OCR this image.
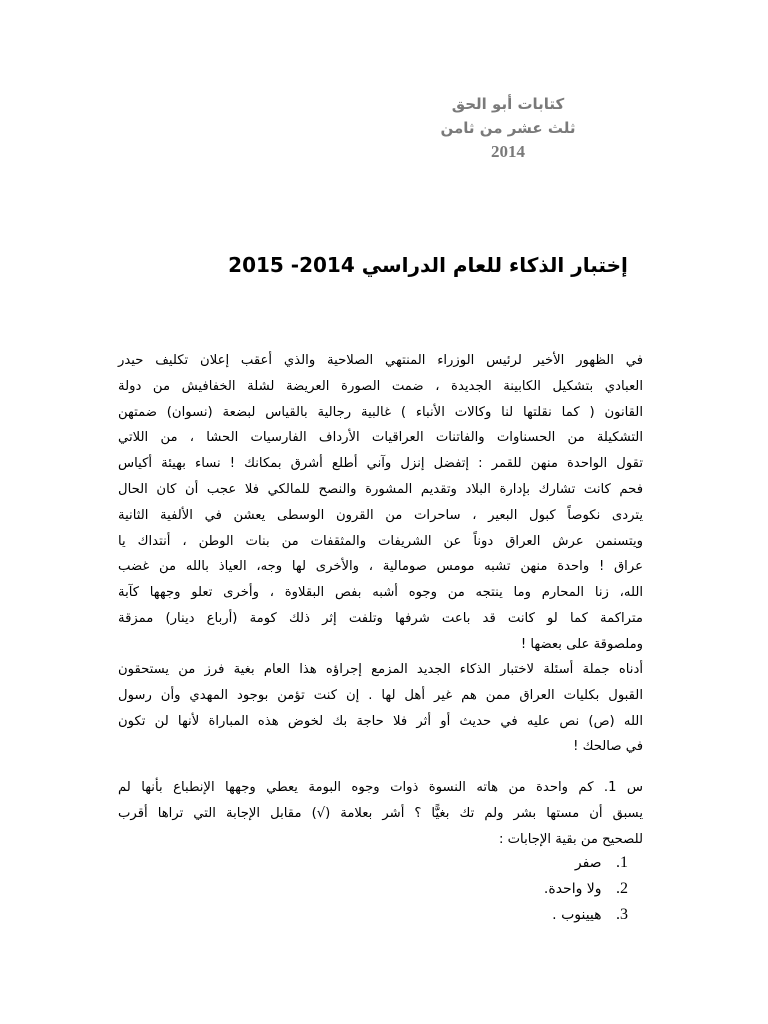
كتابات أبو الحق
ثلث عشر من ثامن
2014
إختبار الذكاء للعام الدراسي 2014- 2015
في الظهور الأخير لرئيس الوزراء المنتهي الصلاحية والذي أعقب إعلان تكليف حيدر
العبادي بتشكيل الكابينة الجديدة ، ضمت الصورة العريضة لشلة الخفافيش من دولة
القانون ( كما نقلتها لنا وكالات الأنباء ) غالبية رجالية بالقياس لبضعة (نسوان) ضمتهن
التشكيلة من الحسناوات والفاتنات العراقيات الأرداف الفارسيات الحشا ، من اللاتي
تقول الواحدة منهن للقمر : إتفضل إنزل وآني أطلع أشرق بمكانك ! نساء بهيئة أكياس
فحم كانت تشارك بإدارة البلاد وتقديم المشورة والنصح للمالكي فلا عجب أن كان الحال
يتردى نكوصاً كبول البعير ، ساحرات من القرون الوسطى يعشن في الألفية الثانية
ويتسنمن عرش العراق دوناً عن الشريفات والمثقفات من بنات الوطن ، أنتداك يا
عراق ! واحدة منهن تشبه مومس صومالية ، والأخرى لها وجه، العياذ بالله من غضب
الله، زنا المحارم وما ينتجه من وجوه أشبه بفص البقلاوة ، وأخرى تعلو وجهها كآبة
متراكمة كما لو كانت قد باعت شرفها وتلفت إثر ذلك كومة (أرباع دينار) ممزقة
وملصوقة على بعضها !
أدناه جملة أسئلة لاختبار الذكاء الجديد المزمع إجراؤه هذا العام بغية فرز من يستحقون
القبول بكليات العراق ممن هم غير أهل لها . إن كنت تؤمن بوجود المهدي وأن رسول
الله (ص) نص عليه في حديث أو أثر فلا حاجة بك لخوض هذه المباراة لأنها لن تكون
في صالحك !
س 1. كم واحدة من هاته النسوة ذوات وجوه البومة يعطي وجهها الإنطباع بأنها لم
يسبق أن مستها بشر ولم تك بغيًّا ؟ أشر بعلامة (√) مقابل الإجابة التي تراها أقرب
للصحيح من بقية الإجابات :
1. صفر
2. ولا واحدة.
3. هيينوب .
